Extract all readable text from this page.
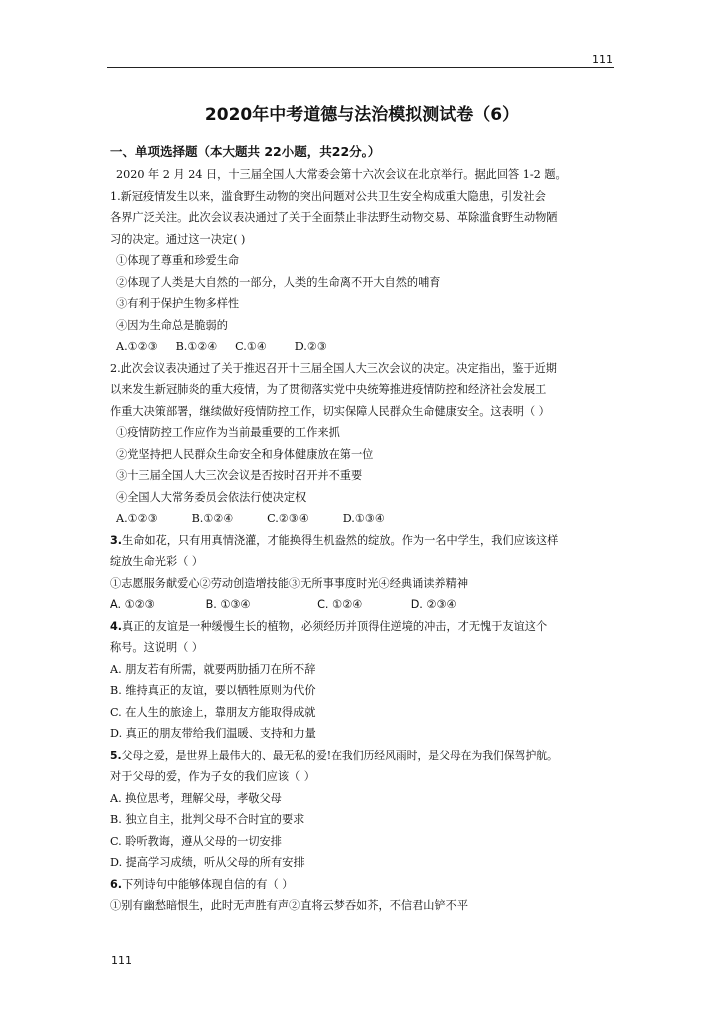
111
2020年中考道德与法治模拟测试卷（6）
一、单项选择题（本大题共 22小题，共22分。）
2020 年 2 月 24 日，十三届全国人大常委会第十六次会议在北京举行。据此回答 1-2 题。
1.新冠疫情发生以来，滥食野生动物的突出问题对公共卫生安全构成重大隐患，引发社会
各界广泛关注。此次会议表决通过了关于全面禁止非法野生动物交易、革除滥食野生动物陋
习的决定。通过这一决定( )
①体现了尊重和珍爱生命
②体现了人类是大自然的一部分，人类的生命离不开大自然的哺育
③有利于保护生物多样性
④因为生命总是脆弱的
A.①②③ B.①②④ C.①④ D.②③
2.此次会议表决通过了关于推迟召开十三届全国人大三次会议的决定。决定指出，鉴于近期
以来发生新冠肺炎的重大疫情，为了贯彻落实党中央统筹推进疫情防控和经济社会发展工
作重大决策部署，继续做好疫情防控工作，切实保障人民群众生命健康安全。这表明（ ）
①疫情防控工作应作为当前最重要的工作来抓
②党坚持把人民群众生命安全和身体健康放在第一位
③十三届全国人大三次会议是否按时召开并不重要
④全国人大常务委员会依法行使决定权
A.①②③	B.①②④	C.②③④	D.①③④
3.生命如花，只有用真情浇灌，才能换得生机盎然的绽放。作为一名中学生，我们应该这样
绽放生命光彩（ ）
①志愿服务献爱心②劳动创造增技能③无所事事度时光④经典诵读养精神
A. ①②③	B. ①③④	C. ①②④	D. ②③④
4.真正的友谊是一种缓慢生长的植物，必须经历并顶得住逆境的冲击，才无愧于友谊这个
称号。这说明（ ）
A. 朋友若有所需，就要两肋插刀在所不辞
B. 维持真正的友谊，要以牺牲原则为代价
C. 在人生的旅途上，靠朋友方能取得成就
D. 真正的朋友带给我们温暖、支持和力量
5.父母之爱，是世界上最伟大的、最无私的爱!在我们历经风雨时，是父母在为我们保驾护航。
对于父母的爱，作为子女的我们应该（ ）
A. 换位思考，理解父母，孝敬父母
B. 独立自主，批判父母不合时宜的要求
C. 聆听教诲，遵从父母的一切安排
D. 提高学习成绩，听从父母的所有安排
6.下列诗句中能够体现自信的有（ ）
①别有幽愁暗恨生，此时无声胜有声②直将云梦吞如芥，不信君山铲不平
111
